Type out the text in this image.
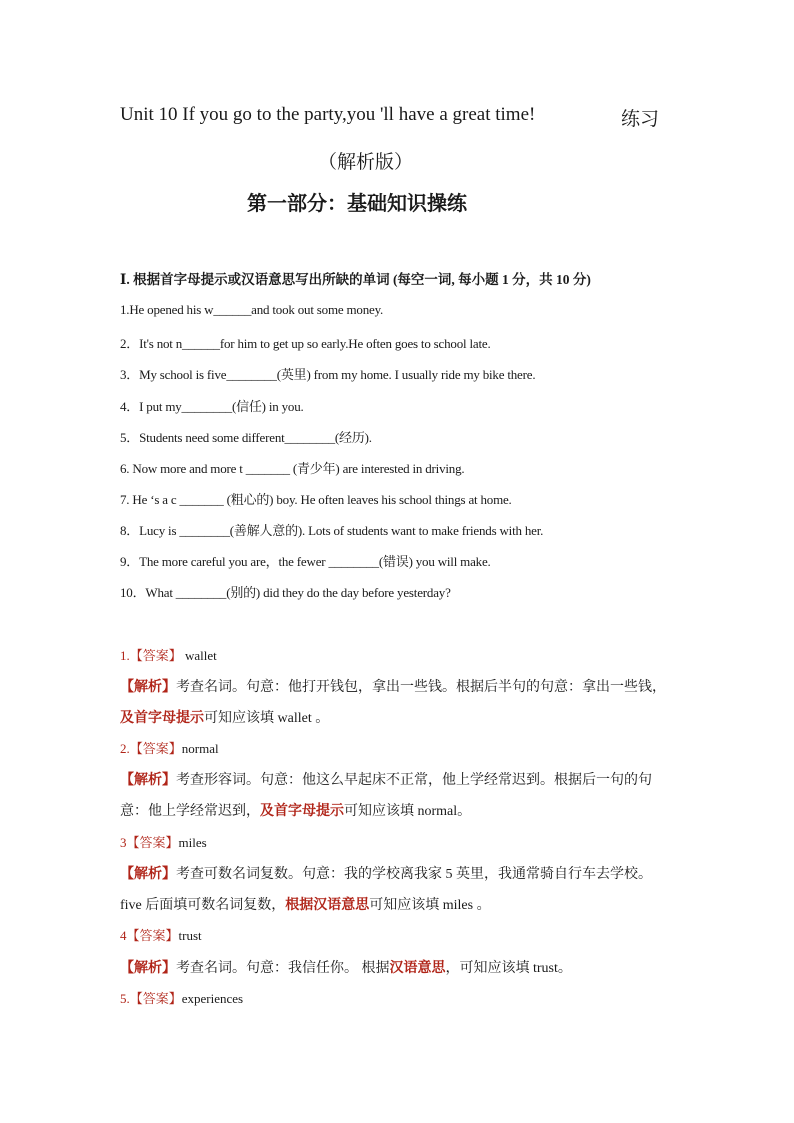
Unit 10 If you go to the party,you 'll have a great time!	练习
（解析版）
第一部分：基础知识操练
Ⅰ. 根据首字母提示或汉语意思写出所缺的单词 (每空一词, 每小题 1 分，共 10 分)
1.He opened his w______and took out some money.
2．It's not n______for him to get up so early.He often goes to school late.
3．My school is five________(英里) from my home. I usually ride my bike there.
4．I put my________(信任) in you.
5．Students need some different________(经历).
6. Now more and more t _______ (青少年) are interested in driving.
7. He ‘s a c _______ (粗心的) boy. He often leaves his school things at home.
8．Lucy is ________(善解人意的). Lots of students want to make friends with her.
9．The more careful you are，the fewer ________(错误) you will make.
10．What ________(别的) did they do the day before yesterday?
1.【答案】 wallet
【解析】考查名词。句意：他打开钱包，拿出一些钱。根据后半句的句意：拿出一些钱，
及首字母提示可知应该填 wallet 。
2.【答案】normal
【解析】考查形容词。句意：他这么早起床不正常，他上学经常迟到。根据后一句的句
意：他上学经常迟到，及首字母提示可知应该填 normal。
3【答案】miles
【解析】考查可数名词复数。句意：我的学校离我家 5 英里，我通常骑自行车去学校。
five 后面填可数名词复数，根据汉语意思可知应该填 miles 。
4【答案】trust
【解析】考查名词。句意：我信任你。 根据汉语意思，可知应该填 trust。
5.【答案】experiences
